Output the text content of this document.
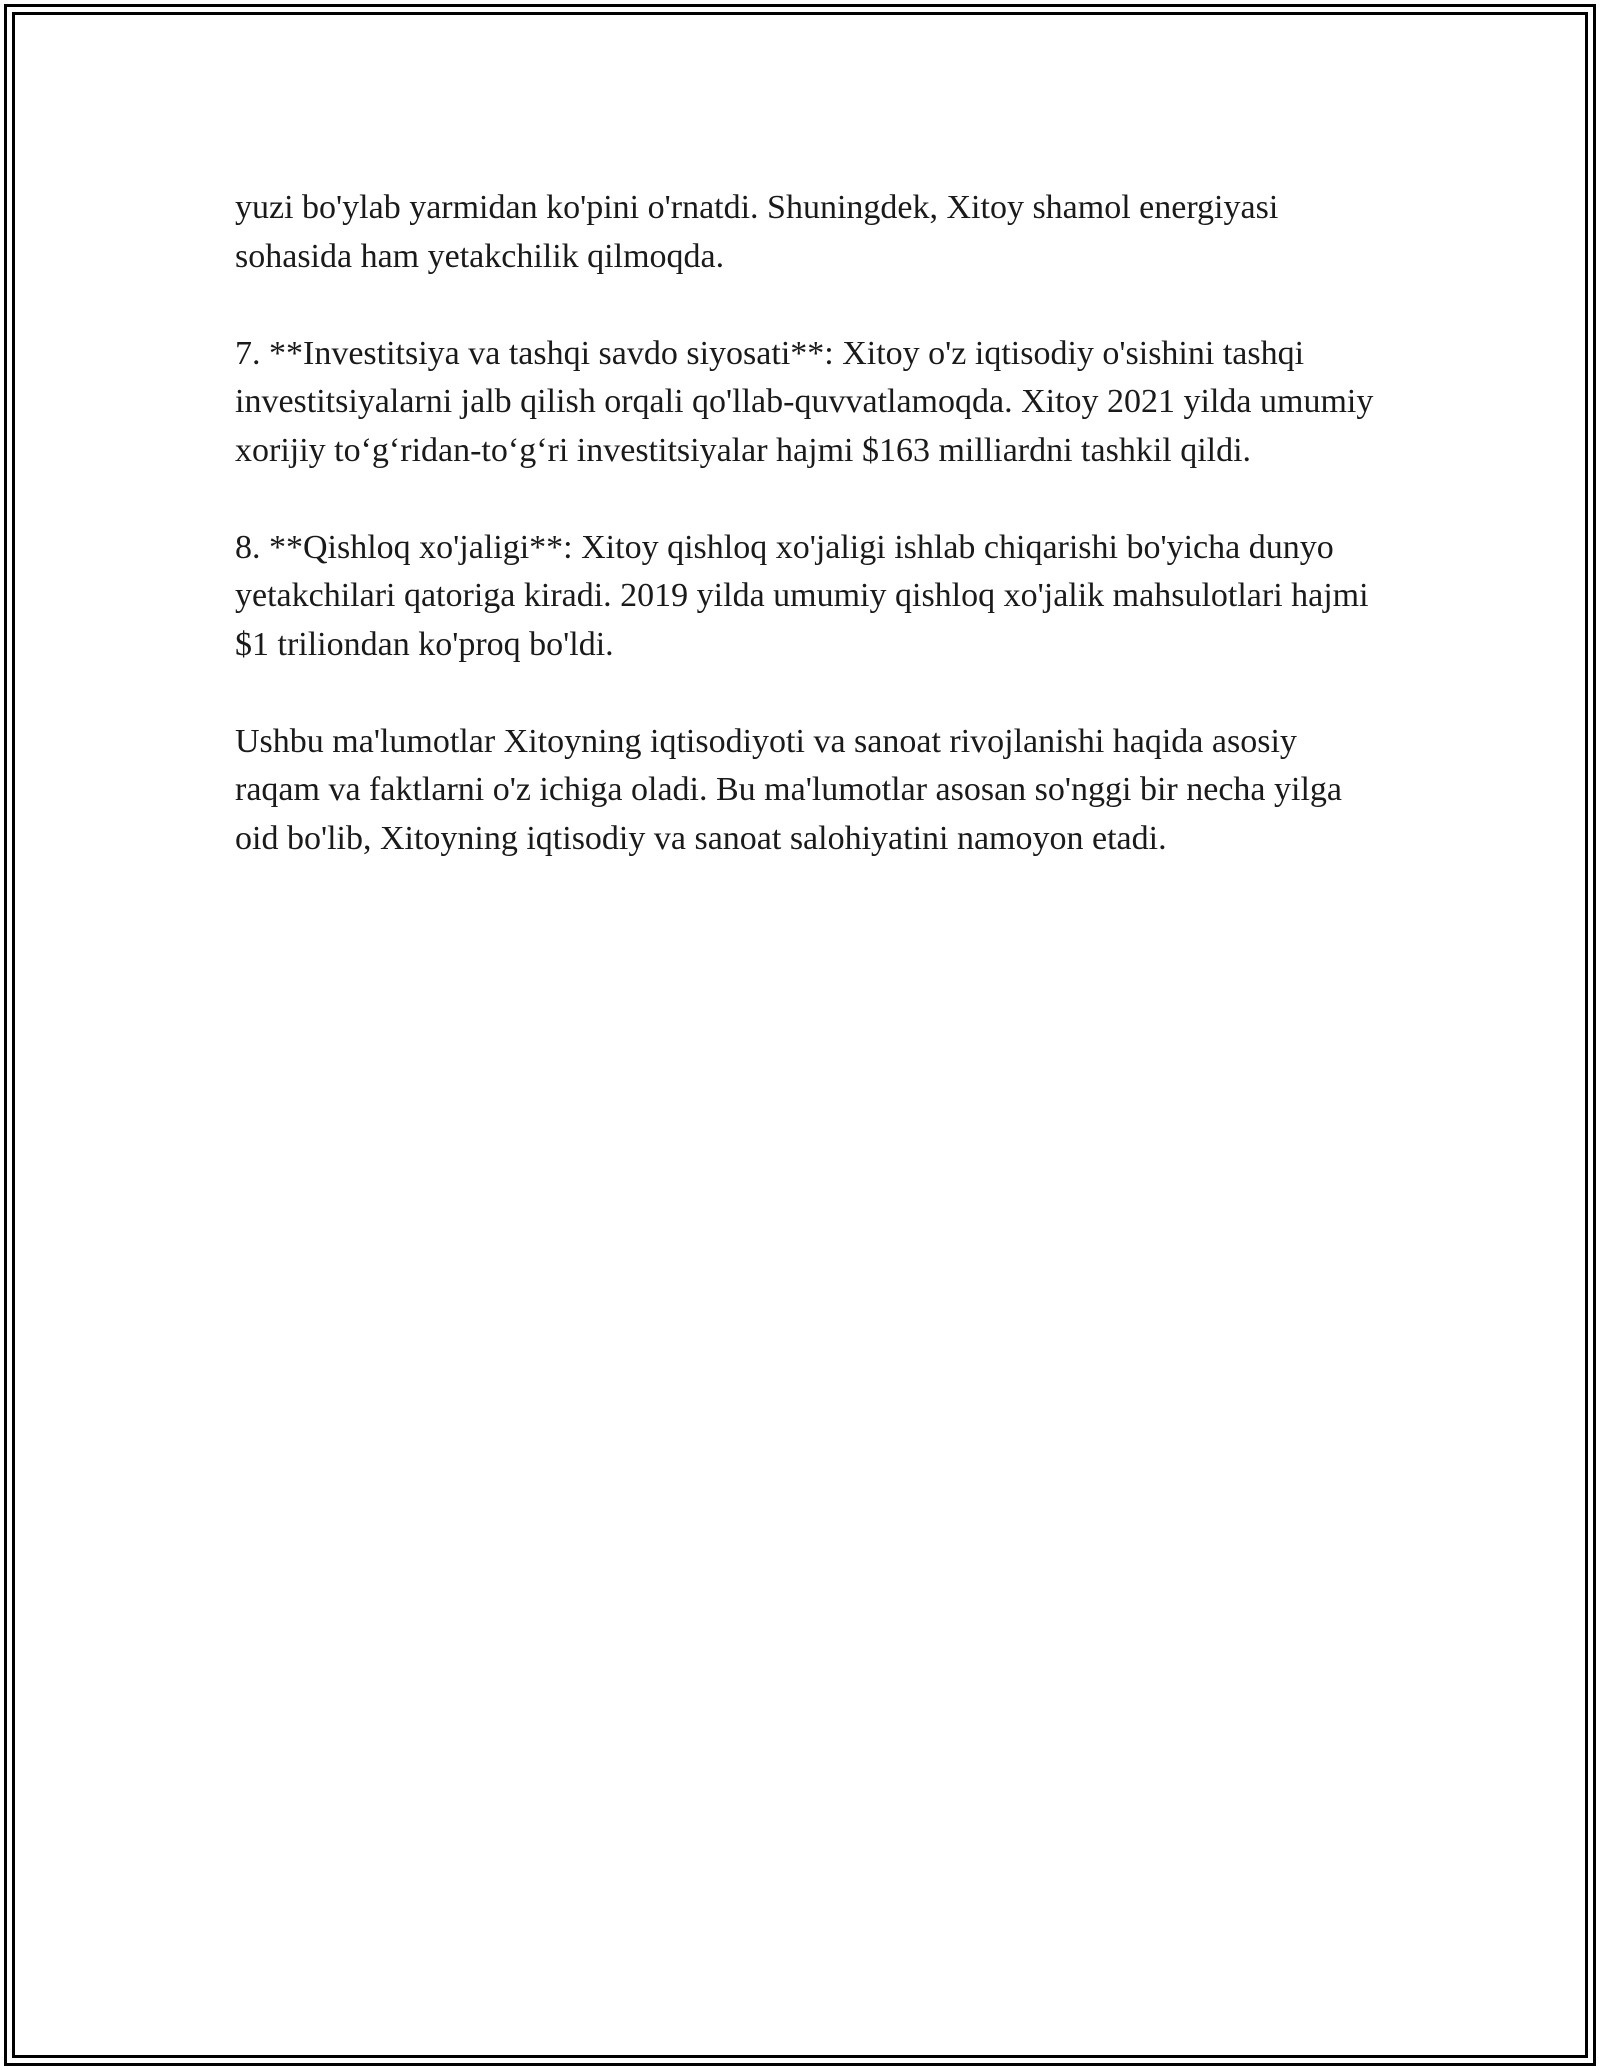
yuzi bo'ylab yarmidan ko'pini o'rnatdi. Shuningdek, Xitoy shamol energiyasi sohasida ham yetakchilik qilmoqda.

7. **Investitsiya va tashqi savdo siyosati**: Xitoy o'z iqtisodiy o'sishini tashqi investitsiyalarni jalb qilish orqali qo'llab-quvvatlamoqda. Xitoy 2021 yilda umumiy xorijiy to‘g‘ridan-to‘g‘ri investitsiyalar hajmi $163 milliardni tashkil qildi.

8. **Qishloq xo'jaligi**: Xitoy qishloq xo'jaligi ishlab chiqarishi bo'yicha dunyo yetakchilari qatoriga kiradi. 2019 yilda umumiy qishloq xo'jalik mahsulotlari hajmi $1 triliondan ko'proq bo'ldi.

Ushbu ma'lumotlar Xitoyning iqtisodiyoti va sanoat rivojlanishi haqida asosiy raqam va faktlarni o'z ichiga oladi. Bu ma'lumotlar asosan so'nggi bir necha yilga oid bo'lib, Xitoyning iqtisodiy va sanoat salohiyatini namoyon etadi.
